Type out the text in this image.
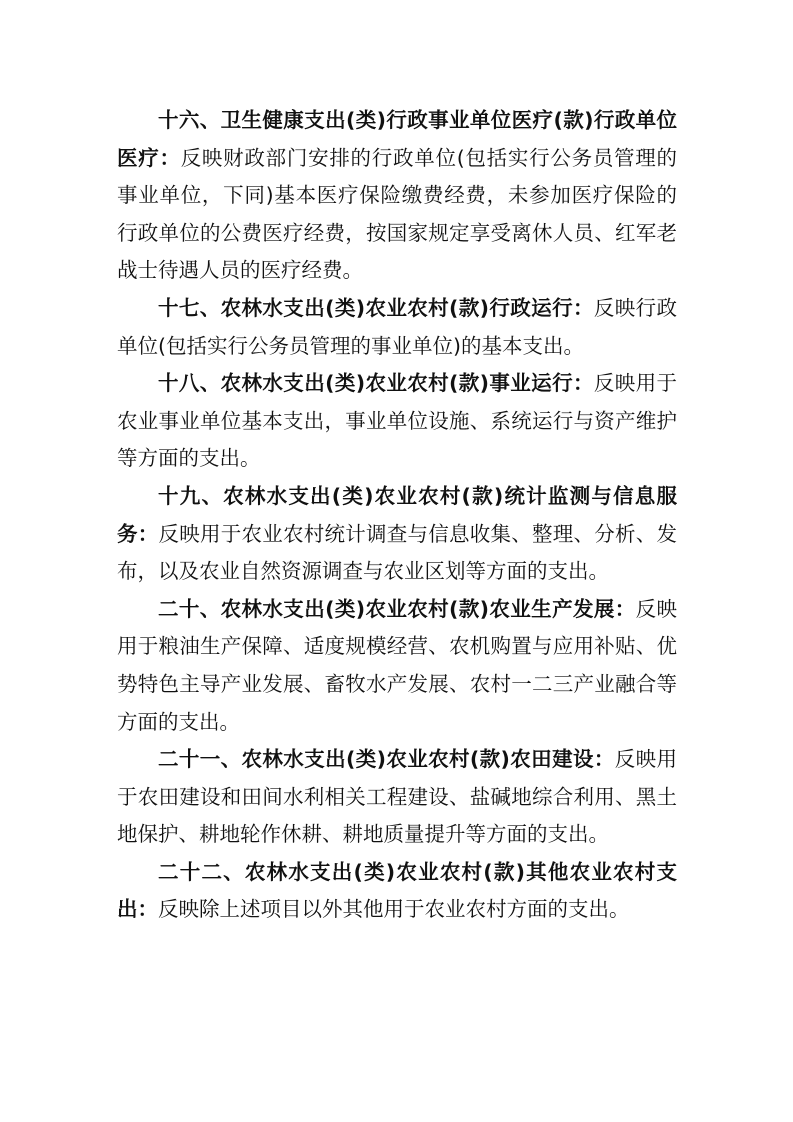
十六、卫生健康支出(类)行政事业单位医疗(款)行政单位医疗：反映财政部门安排的行政单位(包括实行公务员管理的事业单位，下同)基本医疗保险缴费经费，未参加医疗保险的行政单位的公费医疗经费，按国家规定享受离休人员、红军老战士待遇人员的医疗经费。

十七、农林水支出(类)农业农村(款)行政运行：反映行政单位(包括实行公务员管理的事业单位)的基本支出。

十八、农林水支出(类)农业农村(款)事业运行：反映用于农业事业单位基本支出，事业单位设施、系统运行与资产维护等方面的支出。

十九、农林水支出(类)农业农村(款)统计监测与信息服务：反映用于农业农村统计调查与信息收集、整理、分析、发布，以及农业自然资源调查与农业区划等方面的支出。

二十、农林水支出(类)农业农村(款)农业生产发展：反映用于粮油生产保障、适度规模经营、农机购置与应用补贴、优势特色主导产业发展、畜牧水产发展、农村一二三产业融合等方面的支出。

二十一、农林水支出(类)农业农村(款)农田建设：反映用于农田建设和田间水利相关工程建设、盐碱地综合利用、黑土地保护、耕地轮作休耕、耕地质量提升等方面的支出。

二十二、农林水支出(类)农业农村(款)其他农业农村支出：反映除上述项目以外其他用于农业农村方面的支出。
